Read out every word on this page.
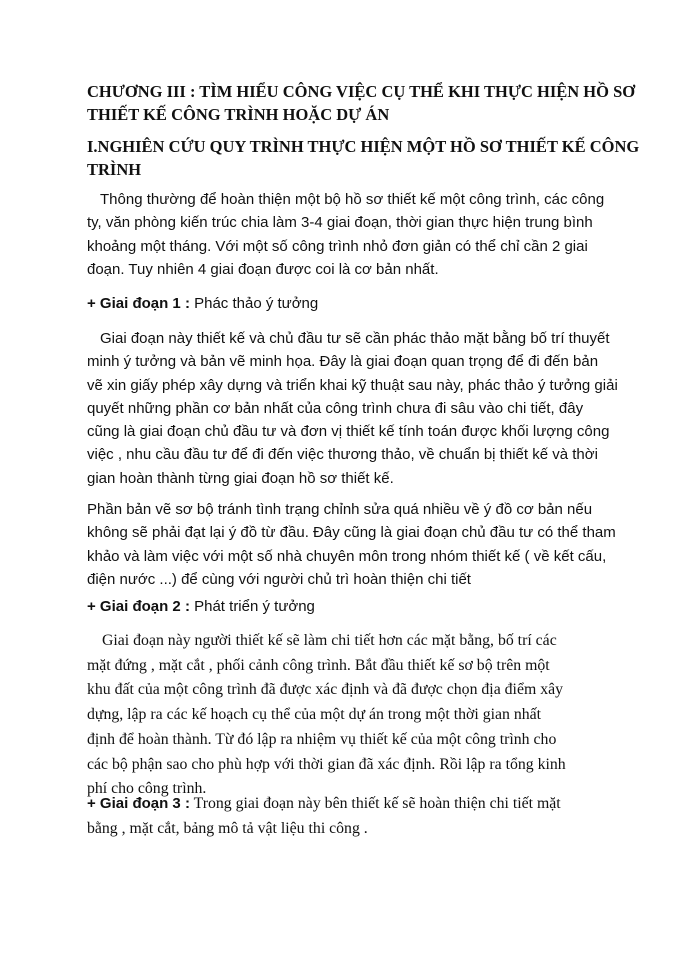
CHƯƠNG III : TÌM HIỂU CÔNG VIỆC CỤ THỂ KHI THỰC HIỆN HỒ SƠ
THIẾT KẾ CÔNG TRÌNH HOẶC DỰ ÁN
I.NGHIÊN CỨU QUY TRÌNH THỰC HIỆN MỘT HỒ SƠ THIẾT KẾ CÔNG
TRÌNH

Thông thường để hoàn thiện một bộ hồ sơ thiết kế một công trình, các công
ty, văn phòng kiến trúc chia làm 3-4 giai đoạn, thời gian thực hiện trung bình
khoảng một tháng. Với một số công trình nhỏ đơn giản có thể chỉ cần 2 giai
đoạn. Tuy nhiên 4 giai đoạn được coi là cơ bản nhất.

+ Giai đoạn 1 : Phác thảo ý tưởng

Giai đoạn này thiết kế và chủ đầu tư sẽ cần phác thảo mặt bằng bố trí thuyết
minh ý tưởng và bản vẽ minh họa. Đây là giai đoạn quan trọng để đi đến bản
vẽ xin giấy phép xây dựng và triển khai kỹ thuật sau này, phác thảo ý tưởng giải
quyết những phần cơ bản nhất của công trình chưa đi sâu vào chi tiết, đây
cũng là giai đoạn chủ đầu tư và đơn vị thiết kế tính toán được khối lượng công
việc , nhu cầu đầu tư để đi đến việc thương thảo, về chuẩn bị thiết kế và thời
gian hoàn thành từng giai đoạn hồ sơ thiết kế.

Phần bản vẽ sơ bộ tránh tình trạng chỉnh sửa quá nhiều về ý đồ cơ bản nếu
không sẽ phải đạt lại ý đồ từ đầu. Đây cũng là giai đoạn chủ đầu tư có thể tham
khảo và làm việc với một số nhà chuyên môn trong nhóm thiết kế ( về kết cấu,
điện nước ...) để cùng với người chủ trì hoàn thiện chi tiết

+ Giai đoạn 2 : Phát triển ý tưởng

Giai đoạn này người thiết kế sẽ làm chi tiết hơn các mặt bằng, bố trí các
mặt đứng , mặt cắt , phối cảnh công trình. Bắt đầu thiết kế sơ bộ trên một
khu đất của một công trình đã được xác định và đã được chọn địa điểm xây
dựng, lập ra các kế hoạch cụ thể của một dự án trong một thời gian nhất
định để hoàn thành. Từ đó lập ra nhiệm vụ thiết kế của một công trình cho
các bộ phận sao cho phù hợp với thời gian đã xác định. Rồi lập ra tổng kinh
phí cho công trình.

+ Giai đoạn 3 : Trong giai đoạn này bên thiết kế sẽ hoàn thiện chi tiết mặt
bằng , mặt cắt, bảng mô tả vật liệu thi công .
